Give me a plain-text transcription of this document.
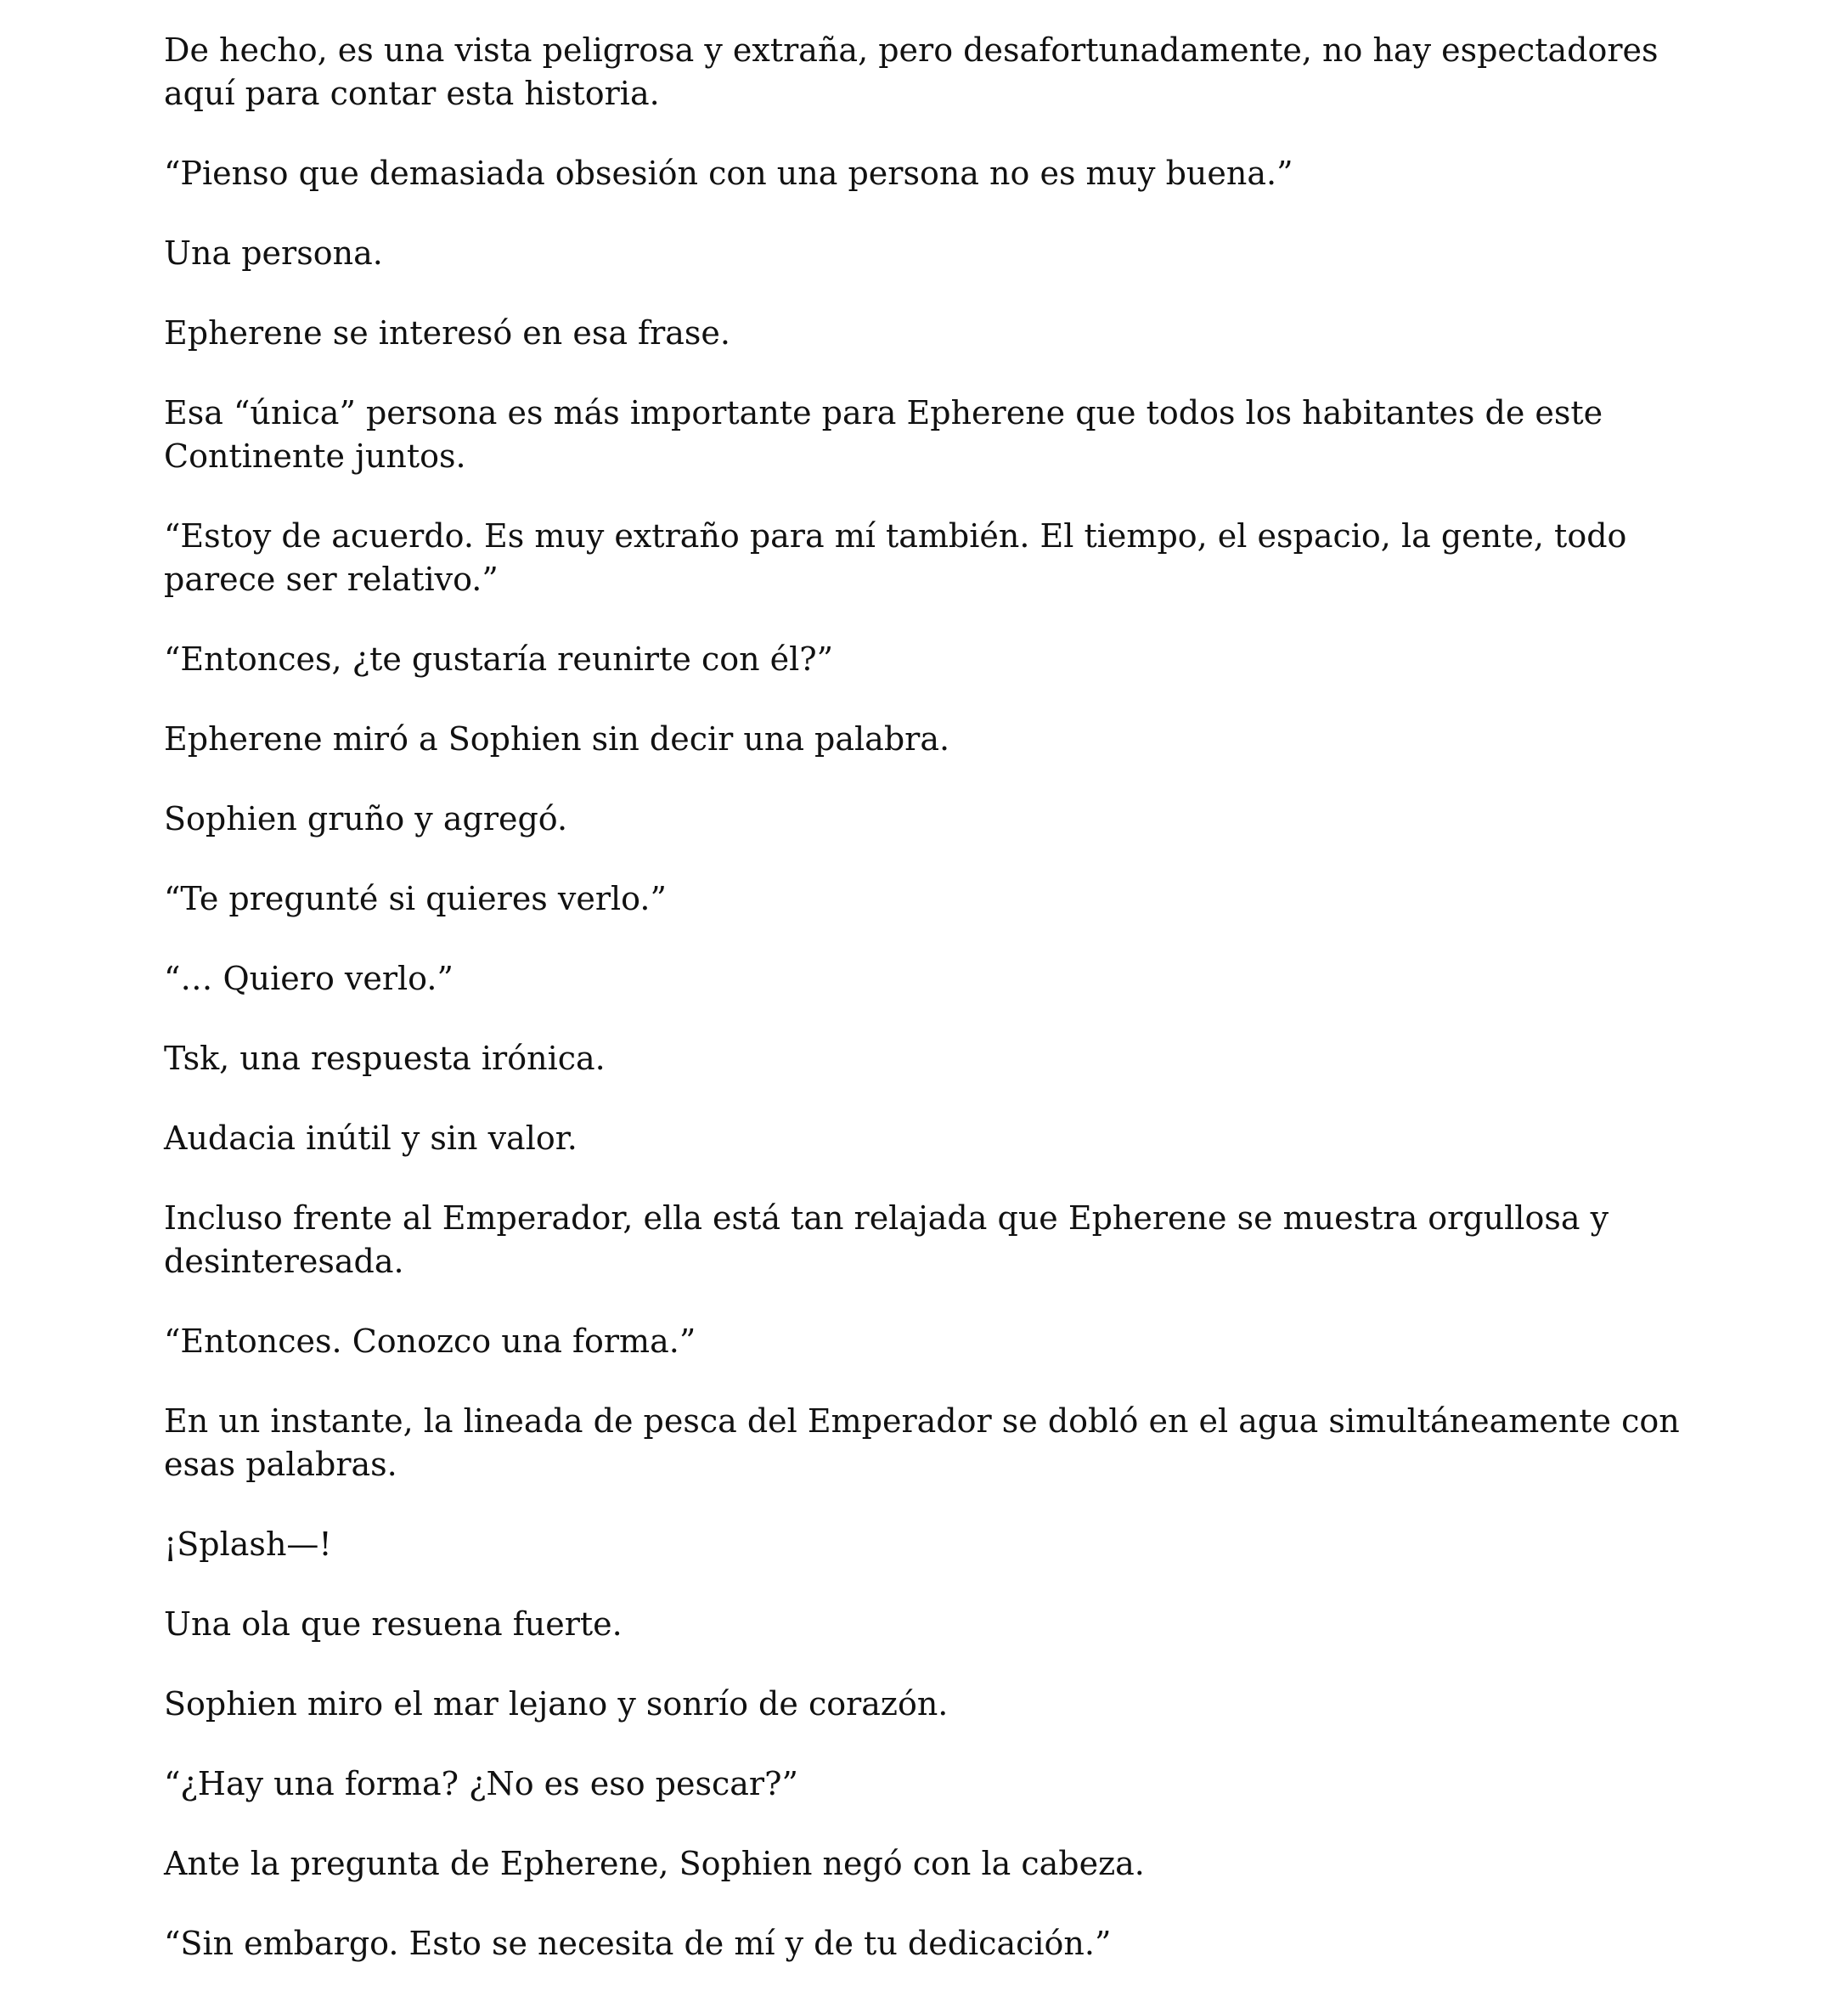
De hecho, es una vista peligrosa y extraña, pero desafortunadamente, no hay espectadores aquí para contar esta historia.

“Pienso que demasiada obsesión con una persona no es muy buena.”

Una persona.

Epherene se interesó en esa frase.

Esa “única” persona es más importante para Epherene que todos los habitantes de este Continente juntos.

“Estoy de acuerdo. Es muy extraño para mí también. El tiempo, el espacio, la gente, todo parece ser relativo.”

“Entonces, ¿te gustaría reunirte con él?”

Epherene miró a Sophien sin decir una palabra.

Sophien gruño y agregó.

“Te pregunté si quieres verlo.”

“… Quiero verlo.”

Tsk, una respuesta irónica.

Audacia inútil y sin valor.

Incluso frente al Emperador, ella está tan relajada que Epherene se muestra orgullosa y desinteresada.

“Entonces. Conozco una forma.”

En un instante, la lineada de pesca del Emperador se dobló en el agua simultáneamente con esas palabras.

¡Splash—!

Una ola que resuena fuerte.

Sophien miro el mar lejano y sonrío de corazón.

“¿Hay una forma? ¿No es eso pescar?”

Ante la pregunta de Epherene, Sophien negó con la cabeza.

“Sin embargo. Esto se necesita de mí y de tu dedicación.”
